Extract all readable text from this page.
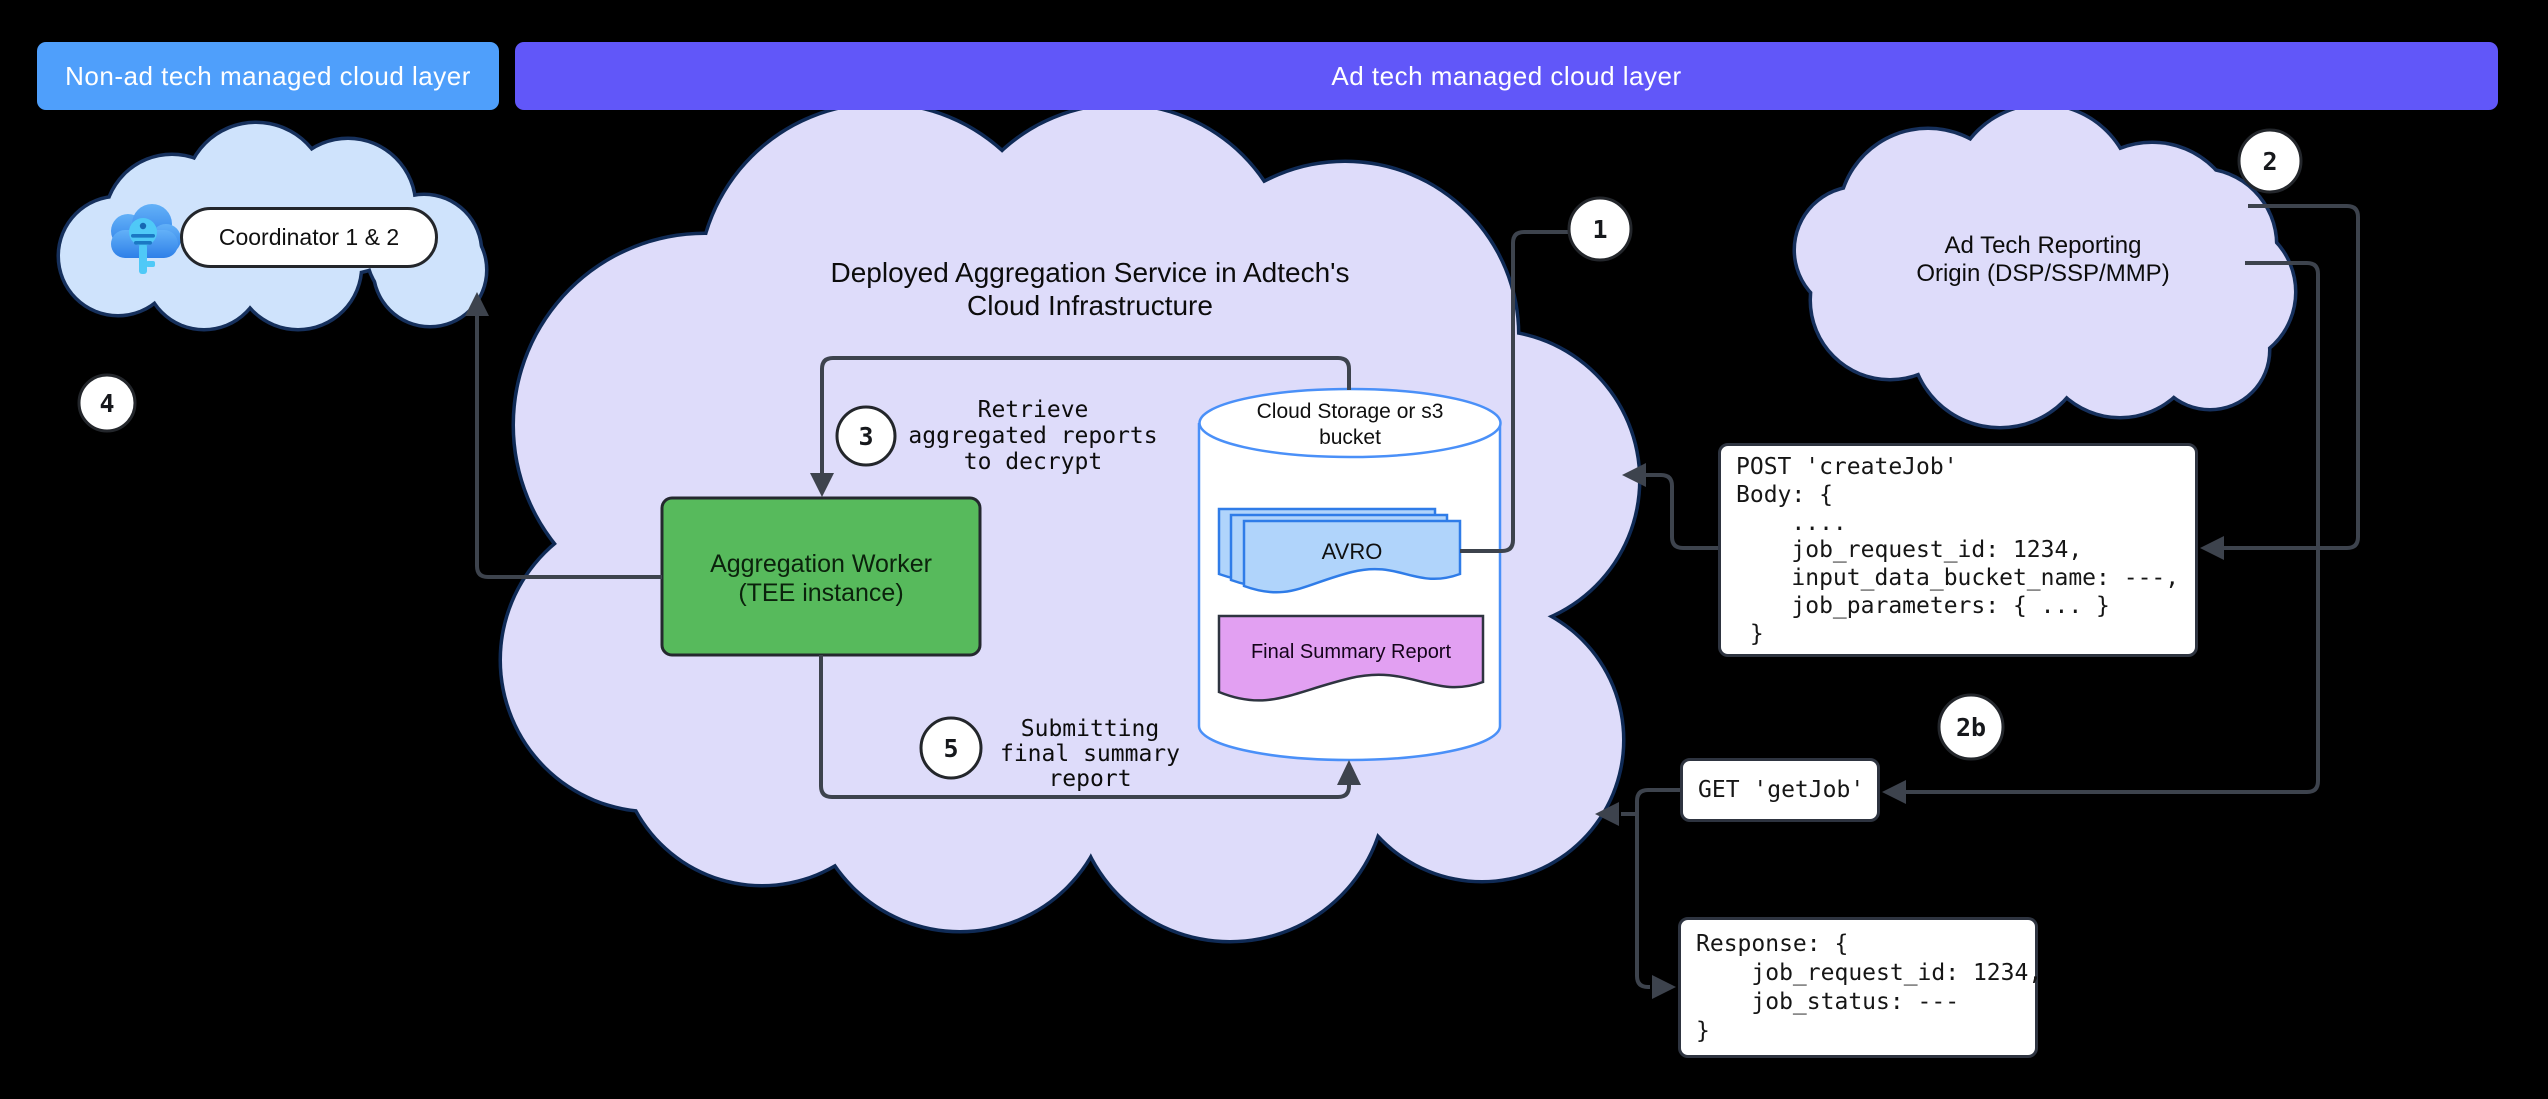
1
2
2b
3
4
5
Non-ad tech managed cloud layer	Ad tech managed cloud layer
Coordinator 1 & 2
Deployed Aggregation Service in Adtech's
Cloud Infrastructure
Aggregation Worker
(TEE instance)
Cloud Storage or s3
bucket
AVRO
Final Summary Report
Retrieve
aggregated reports
to decrypt
Submitting
final summary
report
Ad Tech Reporting
Origin (DSP/SSP/MMP)
POST 'createJob'
Body: {
....
job_request_id: 1234,
input_data_bucket_name: ---,
job_parameters: { ... }
}
GET 'getJob'
Response: {
job_request_id: 1234,
job_status: ---
}
